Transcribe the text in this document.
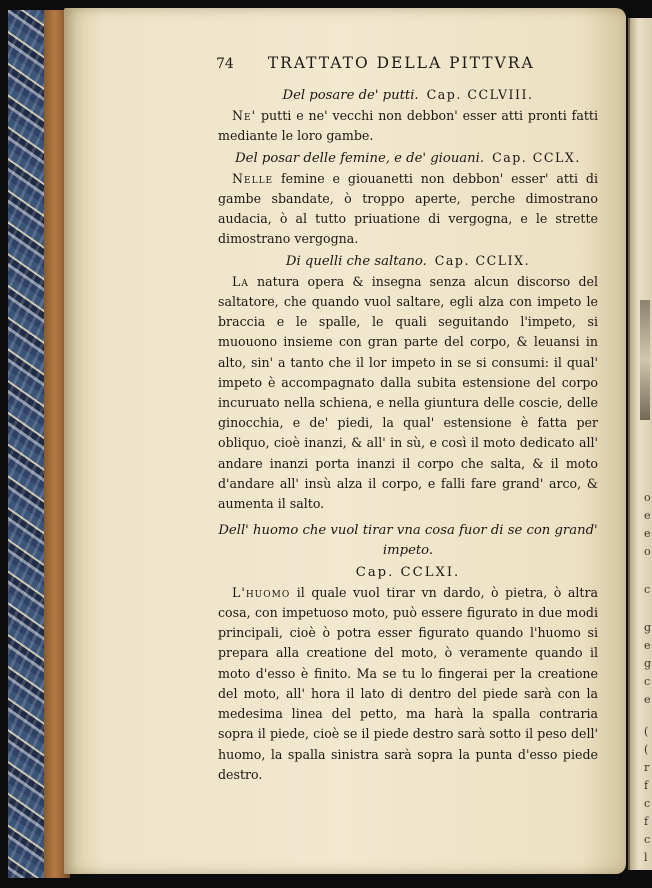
o
e
e
o
c
g
e
g
c
e
(
(
r
f
c
f
c
l
74 TRATTATO DELLA PITTVRA

Del posare de' putti. Cap. CCLVIII.

Ne' putti e ne' vecchi non debbon' esser atti pronti fatti mediante le loro gambe.

Del posar delle femine, e de' giouani. Cap. CCLX.

Nelle femine e giouanetti non debbon' esser' atti di gambe sbandate, ò troppo aperte, perche dimostrano audacia, ò al tutto priuatione di vergogna, e le strette dimostrano vergogna.

Di quelli che saltano. Cap. CCLIX.

La natura opera & insegna senza alcun discorso del saltatore, che quando vuol saltare, egli alza con impeto le braccia e le spalle, le quali seguitando l'impeto, si muouono insieme con gran parte del corpo, & leuansi in alto, sin' a tanto che il lor impeto in se si consumi: il qual' impeto è accompagnato dalla subita estensione del corpo incuruato nella schiena, e nella giuntura delle coscie, delle ginocchia, e de' piedi, la qual' estensione è fatta per obliquo, cioè inanzi, & all' in sù, e così il moto dedicato all' andare inanzi porta inanzi il corpo che salta, & il moto d'andare all' insù alza il corpo, e falli fare grand' arco, & aumenta il salto.

Dell' huomo che vuol tirar vna cosa fuor di se con grand' impeto.

Cap. CCLXI.

L'huomo il quale vuol tirar vn dardo, ò pietra, ò altra cosa, con impetuoso moto, può essere figurato in due modi principali, cioè ò potra esser figurato quando l'huomo si prepara alla creatione del moto, ò veramente quando il moto d'esso è finito. Ma se tu lo fingerai per la creatione del moto, all' hora il lato di dentro del piede sarà con la medesima linea del petto, ma harà la spalla contraria sopra il piede, cioè se il piede destro sarà sotto il peso dell' huomo, la spalla sinistra sarà sopra la punta d'esso piede destro.
